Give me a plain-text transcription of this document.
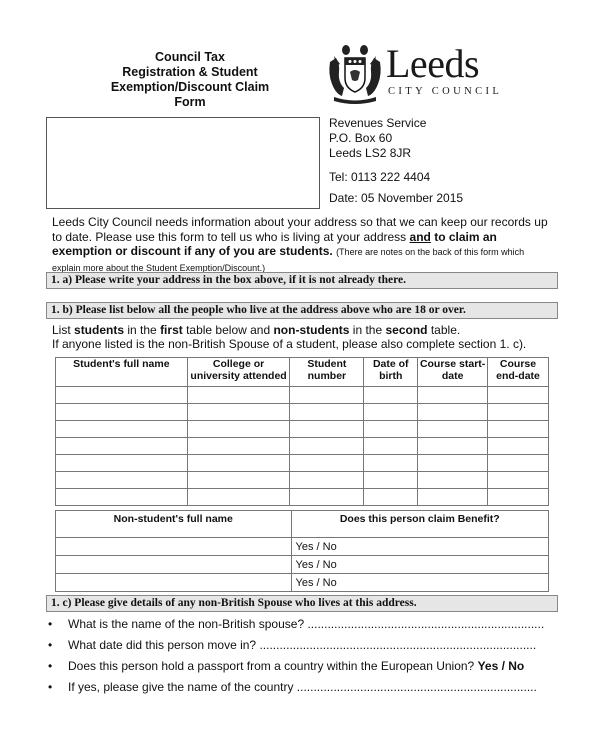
Council Tax
Registration & Student
Exemption/Discount Claim
Form
Leeds
CITY COUNCIL
Revenues Service
P.O. Box 60
Leeds LS2 8JR
Tel: 0113 222 4404
Date: 05 November 2015
Leeds City Council needs information about your address so that we can keep our records up to date. Please use this form to tell us who is living at your address and to claim an exemption or discount if any of you are students. (There are notes on the back of this form which explain more about the Student Exemption/Discount.)
1. a) Please write your address in the box above, if it is not already there.
1. b) Please list below all the people who live at the address above who are 18 or over.
List students in the first table below and non-students in the second table.
If anyone listed is the non-British Spouse of a student, please also complete section 1. c).
Student's full name	College or university attended	Student number	Date of birth	Course start-date	Course end-date

Non-student's full name	Does this person claim Benefit?
	Yes / No
	Yes / No
	Yes / No
1. c) Please give details of any non-British Spouse who lives at this address.
• What is the name of the non-British spouse? .......................................................................
• What date did this person move in? ...................................................................................
• Does this person hold a passport from a country within the European Union? Yes / No
• If yes, please give the name of the country ........................................................................
